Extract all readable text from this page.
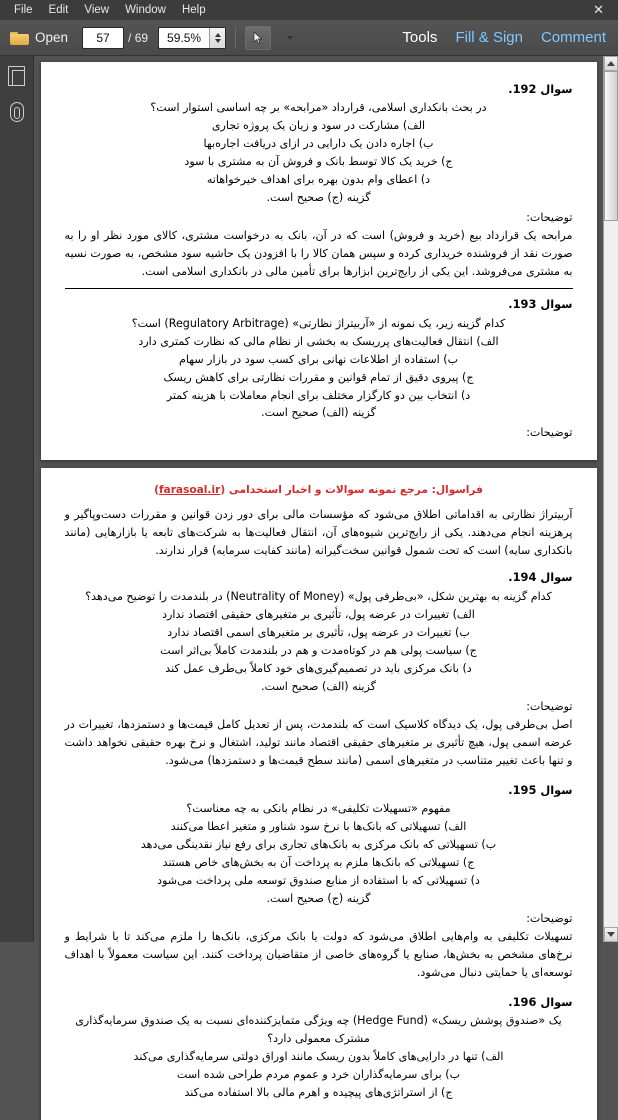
File	Edit	View	Window	Help	✕
Open	57	/ 69	59.5%	Tools Fill & Sign Comment

سوال 192.

در بحث بانکداری اسلامی، قرارداد «مرابحه» بر چه اساسی استوار است؟

الف) مشارکت در سود و زیان یک پروژه تجاری

ب) اجاره دادن یک دارایی در ازای دریافت اجاره‌بها

ج) خرید یک کالا توسط بانک و فروش آن به مشتری با سود

د) اعطای وام بدون بهره برای اهداف خیرخواهانه

گزینه (ج) صحیح است.

توضیحات:

مرابحه یک قرارداد بیع (خرید و فروش) است که در آن، بانک به درخواست مشتری، کالای مورد نظر او را به صورت نقد از فروشنده خریداری کرده و سپس همان کالا را با افزودن یک حاشیه سود مشخص، به صورت نسیه به مشتری می‌فروشد. این یکی از رایج‌ترین ابزارها برای تأمین مالی در بانکداری اسلامی است.

سوال 193.

کدام گزینه زیر، یک نمونه از «آربیتراژ نظارتی» (Regulatory Arbitrage) است؟

الف) انتقال فعالیت‌های پرریسک به بخشی از نظام مالی که نظارت کمتری دارد

ب) استفاده از اطلاعات نهانی برای کسب سود در بازار سهام

ج) پیروی دقیق از تمام قوانین و مقررات نظارتی برای کاهش ریسک

د) انتخاب بین دو کارگزار مختلف برای انجام معاملات با هزینه کمتر

گزینه (الف) صحیح است.

توضیحات:

فراسوال: مرجع نمونه سوالات و اخبار استخدامی (farasoal.ir)

آربیتراژ نظارتی به اقداماتی اطلاق می‌شود که مؤسسات مالی برای دور زدن قوانین و مقررات دست‌وپاگیر و پرهزینه انجام می‌دهند. یکی از رایج‌ترین شیوه‌های آن، انتقال فعالیت‌ها به شرکت‌های تابعه یا بازارهایی (مانند بانکداری سایه) است که تحت شمول قوانین سخت‌گیرانه (مانند کفایت سرمایه) قرار ندارند.

سوال 194.

کدام گزینه به بهترین شکل، «بی‌طرفی پول» (Neutrality of Money) در بلندمدت را توضیح می‌دهد؟

الف) تغییرات در عرضه پول، تأثیری بر متغیرهای حقیقی اقتصاد ندارد

ب) تغییرات در عرضه پول، تأثیری بر متغیرهای اسمی اقتصاد ندارد

ج) سیاست پولی هم در کوتاه‌مدت و هم در بلندمدت کاملاً بی‌اثر است

د) بانک مرکزی باید در تصمیم‌گیری‌های خود کاملاً بی‌طرف عمل کند

گزینه (الف) صحیح است.

توضیحات:

اصل بی‌طرفی پول، یک دیدگاه کلاسیک است که بلندمدت، پس از تعدیل کامل قیمت‌ها و دستمزدها، تغییرات در عرضه اسمی پول، هیچ تأثیری بر متغیرهای حقیقی اقتصاد مانند تولید، اشتغال و نرخ بهره حقیقی نخواهد داشت و تنها باعث تغییر متناسب در متغیرهای اسمی (مانند سطح قیمت‌ها و دستمزدها) می‌شود.

سوال 195.

مفهوم «تسهیلات تکلیفی» در نظام بانکی به چه معناست؟

الف) تسهیلاتی که بانک‌ها با نرخ سود شناور و متغیر اعطا می‌کنند

ب) تسهیلاتی که بانک مرکزی به بانک‌های تجاری برای رفع نیاز نقدینگی می‌دهد

ج) تسهیلاتی که بانک‌ها ملزم به پرداخت آن به بخش‌های خاص هستند

د) تسهیلاتی که با استفاده از منابع صندوق توسعه ملی پرداخت می‌شود

گزینه (ج) صحیح است.

توضیحات:

تسهیلات تکلیفی به وام‌هایی اطلاق می‌شود که دولت یا بانک مرکزی، بانک‌ها را ملزم می‌کند تا با شرایط و نرخ‌های مشخص به بخش‌ها، صنایع یا گروه‌های خاصی از متقاضیان پرداخت کنند. این سیاست معمولاً با اهداف توسعه‌ای یا حمایتی دنبال می‌شود.

سوال 196.

یک «صندوق پوشش ریسک» (Hedge Fund) چه ویژگی متمایزکننده‌ای نسبت به یک صندوق سرمایه‌گذاری مشترک معمولی دارد؟

الف) تنها در دارایی‌های کاملاً بدون ریسک مانند اوراق دولتی سرمایه‌گذاری می‌کند

ب) برای سرمایه‌گذاران خرد و عموم مردم طراحی شده است

ج) از استراتژی‌های پیچیده و اهرم مالی بالا استفاده می‌کند
